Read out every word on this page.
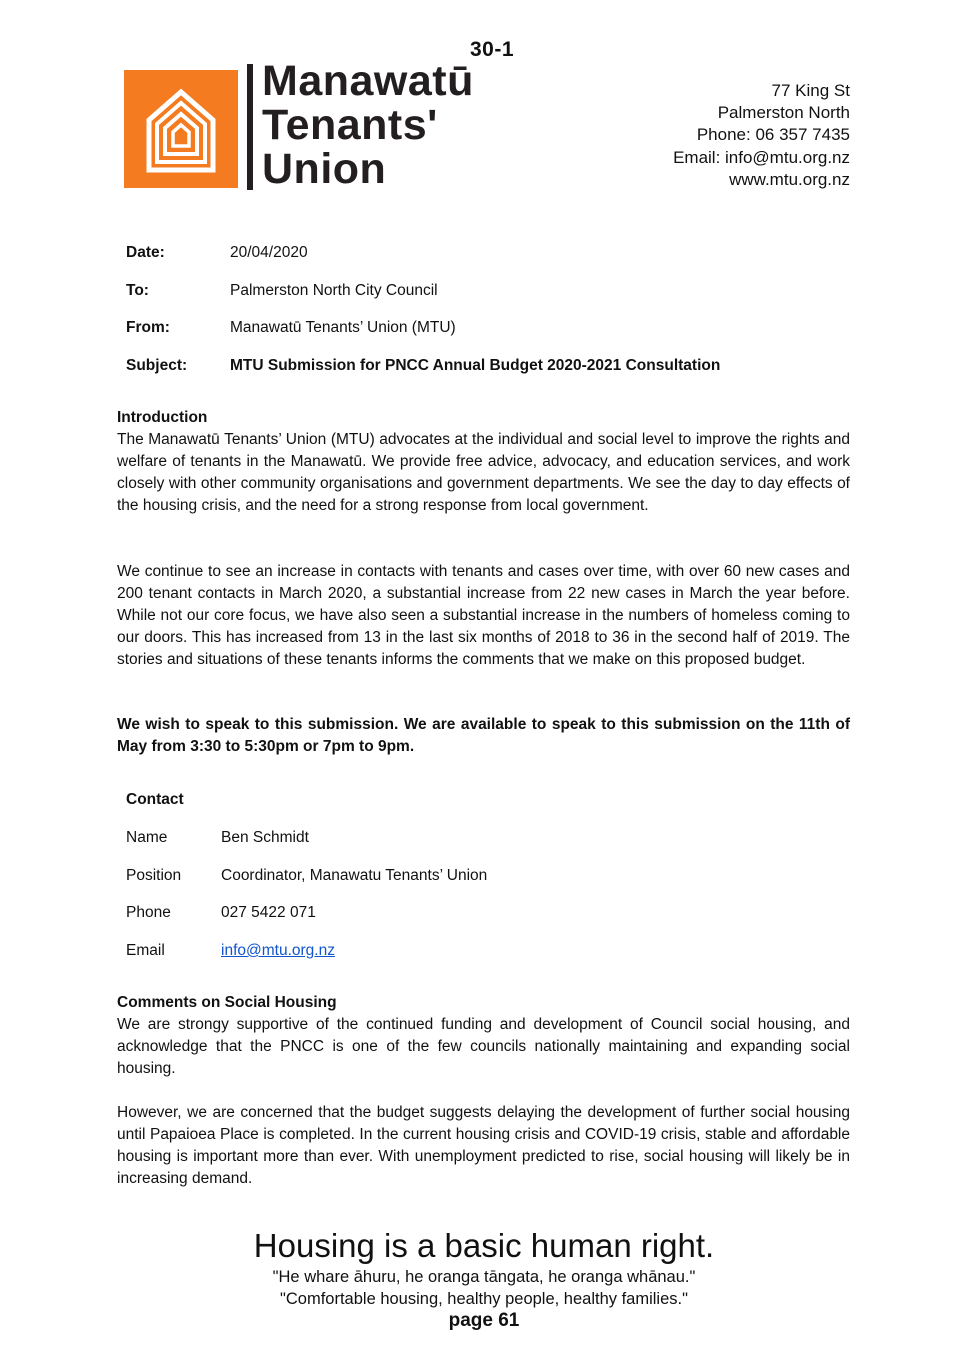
30-1
Manawatū
Tenants'
Union
77 King St
Palmerston North
Phone: 06 357 7435
Email: info@mtu.org.nz
www.mtu.org.nz
Date:	20/04/2020
To:	Palmerston North City Council
From:	Manawatū Tenants’ Union (MTU)
Subject:	MTU Submission for PNCC Annual Budget 2020-2021 Consultation
Introduction
The Manawatū Tenants’ Union (MTU) advocates at the individual and social level to improve the rights and welfare of tenants in the Manawatū. We provide free advice, advocacy, and education services, and work closely with other community organisations and government departments. We see the day to day effects of the housing crisis, and the need for a strong response from local government.
We continue to see an increase in contacts with tenants and cases over time, with over 60 new cases and 200 tenant contacts in March 2020, a substantial increase from 22 new cases in March the year before. While not our core focus, we have also seen a substantial increase in the numbers of homeless coming to our doors. This has increased from 13 in the last six months of 2018 to 36 in the second half of 2019. The stories and situations of these tenants informs the comments that we make on this proposed budget.
We wish to speak to this submission. We are available to speak to this submission on the 11th of May from 3:30 to 5:30pm or 7pm to 9pm.
Contact
Name	Ben Schmidt
Position	Coordinator, Manawatu Tenants’ Union
Phone	027 5422 071
Email	info@mtu.org.nz
Comments on Social Housing
We are strongy supportive of the continued funding and development of Council social housing, and acknowledge that the PNCC is one of the few councils nationally maintaining and expanding social housing.
However, we are concerned that the budget suggests delaying the development of further social housing until Papaioea Place is completed. In the current housing crisis and COVID-19 crisis, stable and affordable housing is important more than ever. With unemployment predicted to rise, social housing will likely be in increasing demand.
Housing is a basic human right.
"He whare āhuru, he oranga tāngata, he oranga whānau."
"Comfortable housing, healthy people, healthy families."
page 61
